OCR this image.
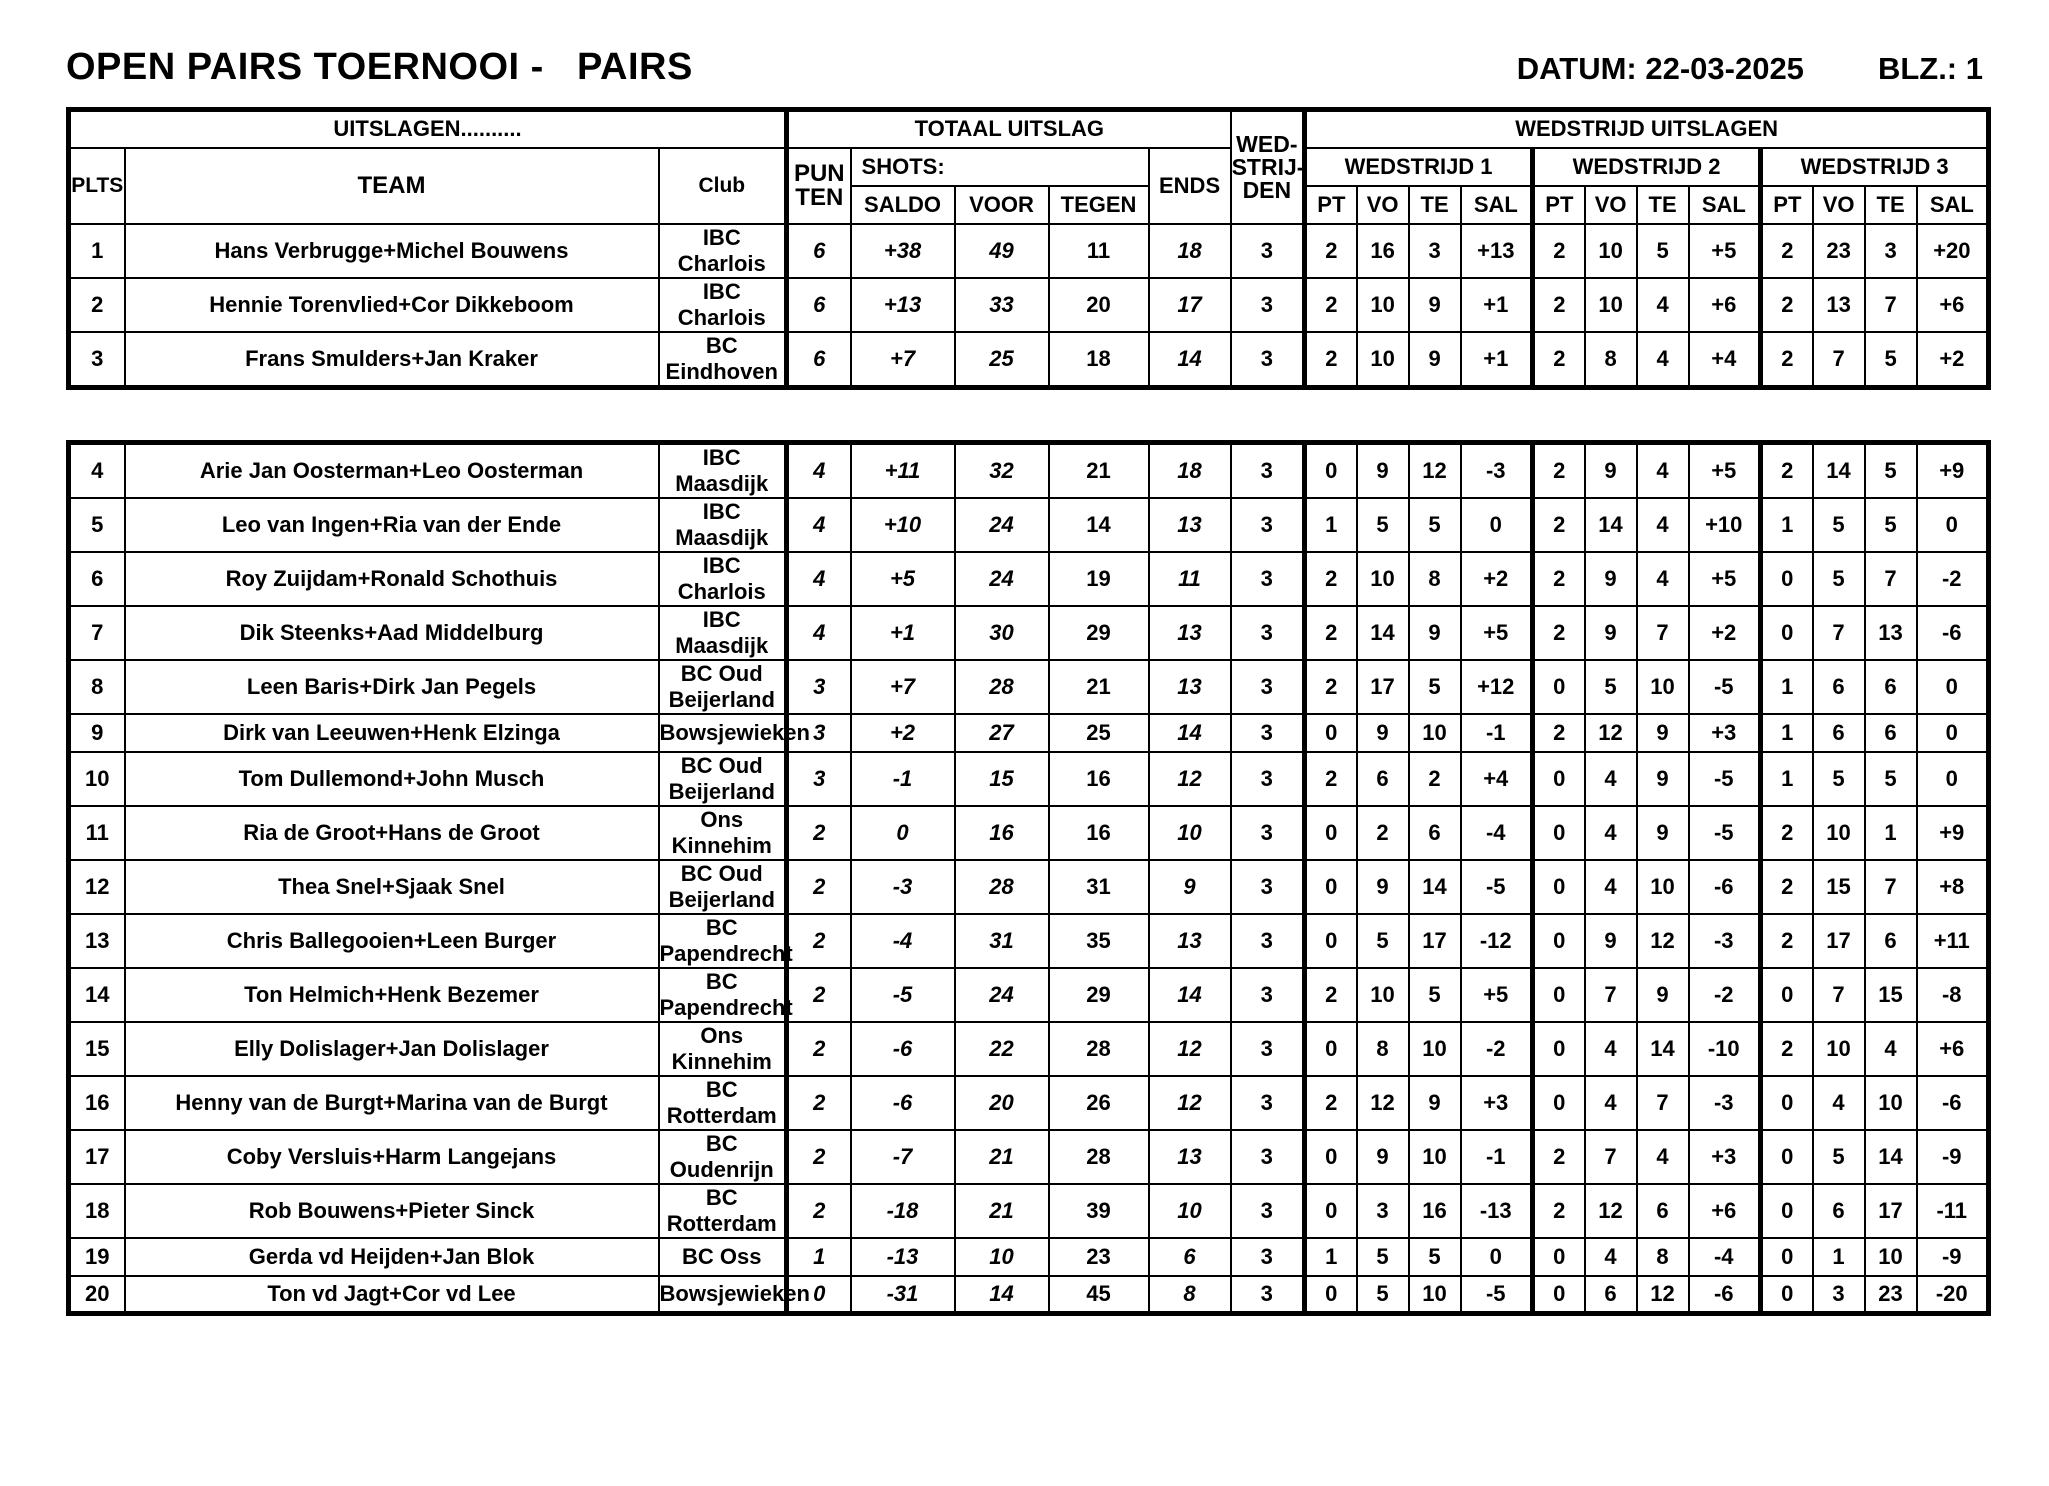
OPEN PAIRS TOERNOOI -   PAIRS	DATUM: 22-03-2025 BLZ.: 1
UITSLAGEN..........			TOTAAL UITSLAG					WED-
STRIJ-
DEN	WEDSTRIJD UITSLAGEN											
PLTS	TEAM	Club	PUN
TEN	SHOTS:			ENDS		WEDSTRIJD 1				WEDSTRIJD 2				WEDSTRIJD 3			
				SALDO	VOOR	TEGEN			PT	VO	TE	SAL	PT	VO	TE	SAL	PT	VO	TE	SAL
1	Hans Verbrugge+Michel Bouwens	IBC Charlois	6	+38	49	11	18	3	2	16	3	+13	2	10	5	+5	2	23	3	+20
2	Hennie Torenvlied+Cor Dikkeboom	IBC Charlois	6	+13	33	20	17	3	2	10	9	+1	2	10	4	+6	2	13	7	+6
3	Frans Smulders+Jan Kraker	BC Eindhoven	6	+7	25	18	14	3	2	10	9	+1	2	8	4	+4	2	7	5	+2
4	Arie Jan Oosterman+Leo Oosterman	IBC Maasdijk	4	+11	32	21	18	3	0	9	12	-3	2	9	4	+5	2	14	5	+9
5	Leo van Ingen+Ria van der Ende	IBC Maasdijk	4	+10	24	14	13	3	1	5	5	0	2	14	4	+10	1	5	5	0
6	Roy Zuijdam+Ronald Schothuis	IBC Charlois	4	+5	24	19	11	3	2	10	8	+2	2	9	4	+5	0	5	7	-2
7	Dik Steenks+Aad Middelburg	IBC Maasdijk	4	+1	30	29	13	3	2	14	9	+5	2	9	7	+2	0	7	13	-6
8	Leen Baris+Dirk Jan Pegels	BC Oud Beijerland	3	+7	28	21	13	3	2	17	5	+12	0	5	10	-5	1	6	6	0
9	Dirk van Leeuwen+Henk Elzinga	Bowsjewieken	3	+2	27	25	14	3	0	9	10	-1	2	12	9	+3	1	6	6	0
10	Tom Dullemond+John Musch	BC Oud Beijerland	3	-1	15	16	12	3	2	6	2	+4	0	4	9	-5	1	5	5	0
11	Ria de Groot+Hans de Groot	Ons Kinnehim	2	0	16	16	10	3	0	2	6	-4	0	4	9	-5	2	10	1	+9
12	Thea Snel+Sjaak Snel	BC Oud Beijerland	2	-3	28	31	9	3	0	9	14	-5	0	4	10	-6	2	15	7	+8
13	Chris Ballegooien+Leen Burger	BC Papendrecht	2	-4	31	35	13	3	0	5	17	-12	0	9	12	-3	2	17	6	+11
14	Ton Helmich+Henk Bezemer	BC Papendrecht	2	-5	24	29	14	3	2	10	5	+5	0	7	9	-2	0	7	15	-8
15	Elly Dolislager+Jan Dolislager	Ons Kinnehim	2	-6	22	28	12	3	0	8	10	-2	0	4	14	-10	2	10	4	+6
16	Henny van de Burgt+Marina van de Burgt	BC Rotterdam	2	-6	20	26	12	3	2	12	9	+3	0	4	7	-3	0	4	10	-6
17	Coby Versluis+Harm Langejans	BC Oudenrijn	2	-7	21	28	13	3	0	9	10	-1	2	7	4	+3	0	5	14	-9
18	Rob Bouwens+Pieter Sinck	BC Rotterdam	2	-18	21	39	10	3	0	3	16	-13	2	12	6	+6	0	6	17	-11
19	Gerda vd Heijden+Jan Blok	BC Oss	1	-13	10	23	6	3	1	5	5	0	0	4	8	-4	0	1	10	-9
20	Ton vd Jagt+Cor vd Lee	Bowsjewieken	0	-31	14	45	8	3	0	5	10	-5	0	6	12	-6	0	3	23	-20
